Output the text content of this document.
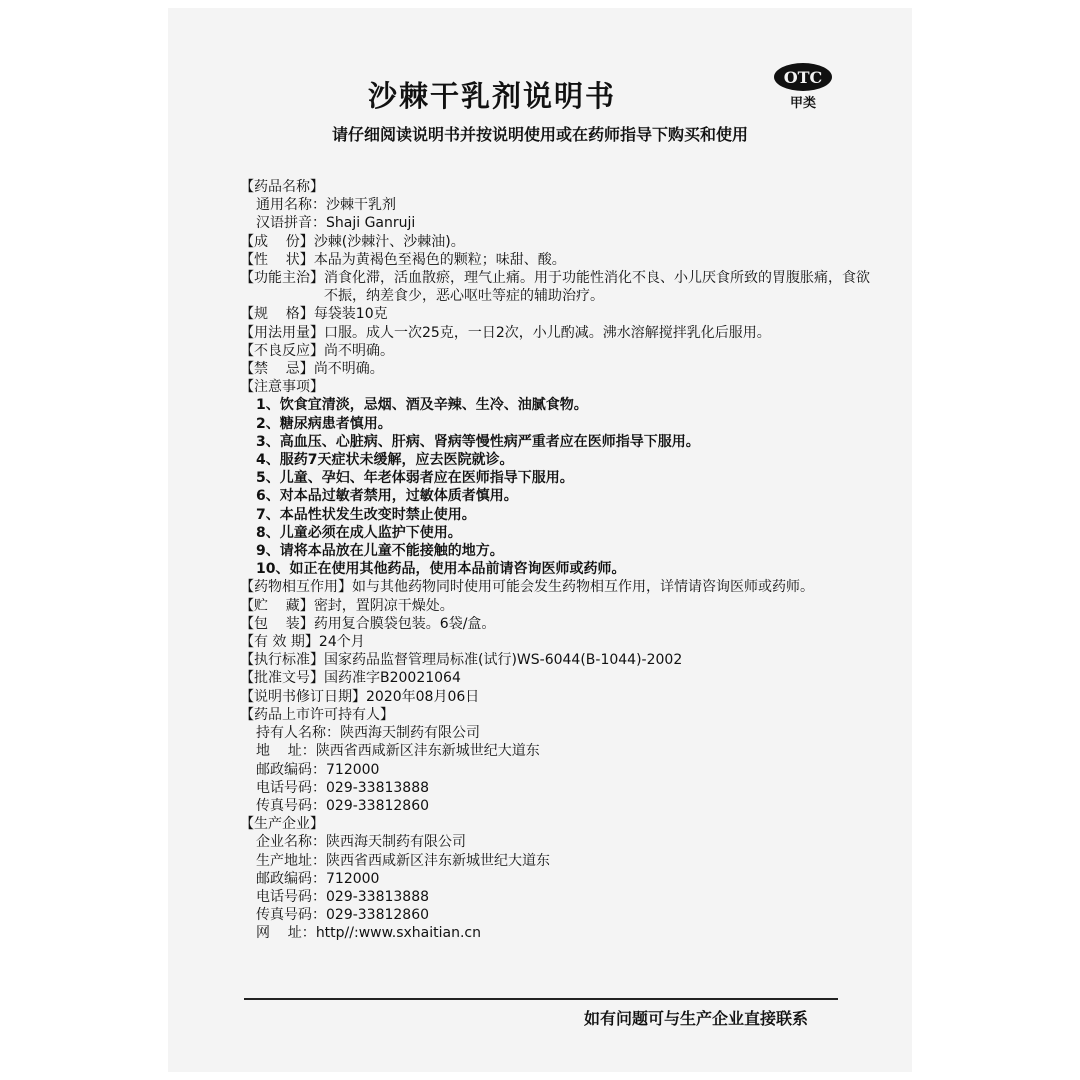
沙棘干乳剂说明书
OTC
甲类
请仔细阅读说明书并按说明使用或在药师指导下购买和使用
【药品名称】
通用名称： 沙棘干乳剂
汉语拼音： Shaji Ganruji
【成    份】 沙棘(沙棘汁、沙棘油)。
【性    状】 本品为黄褐色至褐色的颗粒；味甜、酸。
【功能主治】 消食化滞，活血散瘀，理气止痛。用于功能性消化不良、小儿厌食所致的胃腹胀痛，食欲不振，纳差食少，恶心呕吐等症的辅助治疗。
【规    格】 每袋装10克
【用法用量】 口服。成人一次25克，一日2次，小儿酌减。沸水溶解搅拌乳化后服用。
【不良反应】 尚不明确。
【禁    忌】 尚不明确。
【注意事项】
1、饮食宜清淡，忌烟、酒及辛辣、生冷、油腻食物。
2、糖尿病患者慎用。
3、高血压、心脏病、肝病、肾病等慢性病严重者应在医师指导下服用。
4、服药7天症状未缓解，应去医院就诊。
5、儿童、孕妇、年老体弱者应在医师指导下服用。
6、对本品过敏者禁用，过敏体质者慎用。
7、本品性状发生改变时禁止使用。
8、儿童必须在成人监护下使用。
9、请将本品放在儿童不能接触的地方。
10、如正在使用其他药品，使用本品前请咨询医师或药师。
【药物相互作用】 如与其他药物同时使用可能会发生药物相互作用，详情请咨询医师或药师。
【贮    藏】 密封，置阴凉干燥处。
【包    装】 药用复合膜袋包装。6袋/盒。
【有 效 期】 24个月
【执行标准】 国家药品监督管理局标准(试行)WS-6044(B-1044)-2002
【批准文号】 国药准字B20021064
【说明书修订日期】 2020年08月06日
【药品上市许可持有人】
持有人名称： 陕西海天制药有限公司
地    址： 陕西省西咸新区沣东新城世纪大道东
邮政编码： 712000
电话号码： 029-33813888
传真号码： 029-33812860
【生产企业】
企业名称： 陕西海天制药有限公司
生产地址： 陕西省西咸新区沣东新城世纪大道东
邮政编码： 712000
电话号码： 029-33813888
传真号码： 029-33812860
网    址： http//:www.sxhaitian.cn
如有问题可与生产企业直接联系
